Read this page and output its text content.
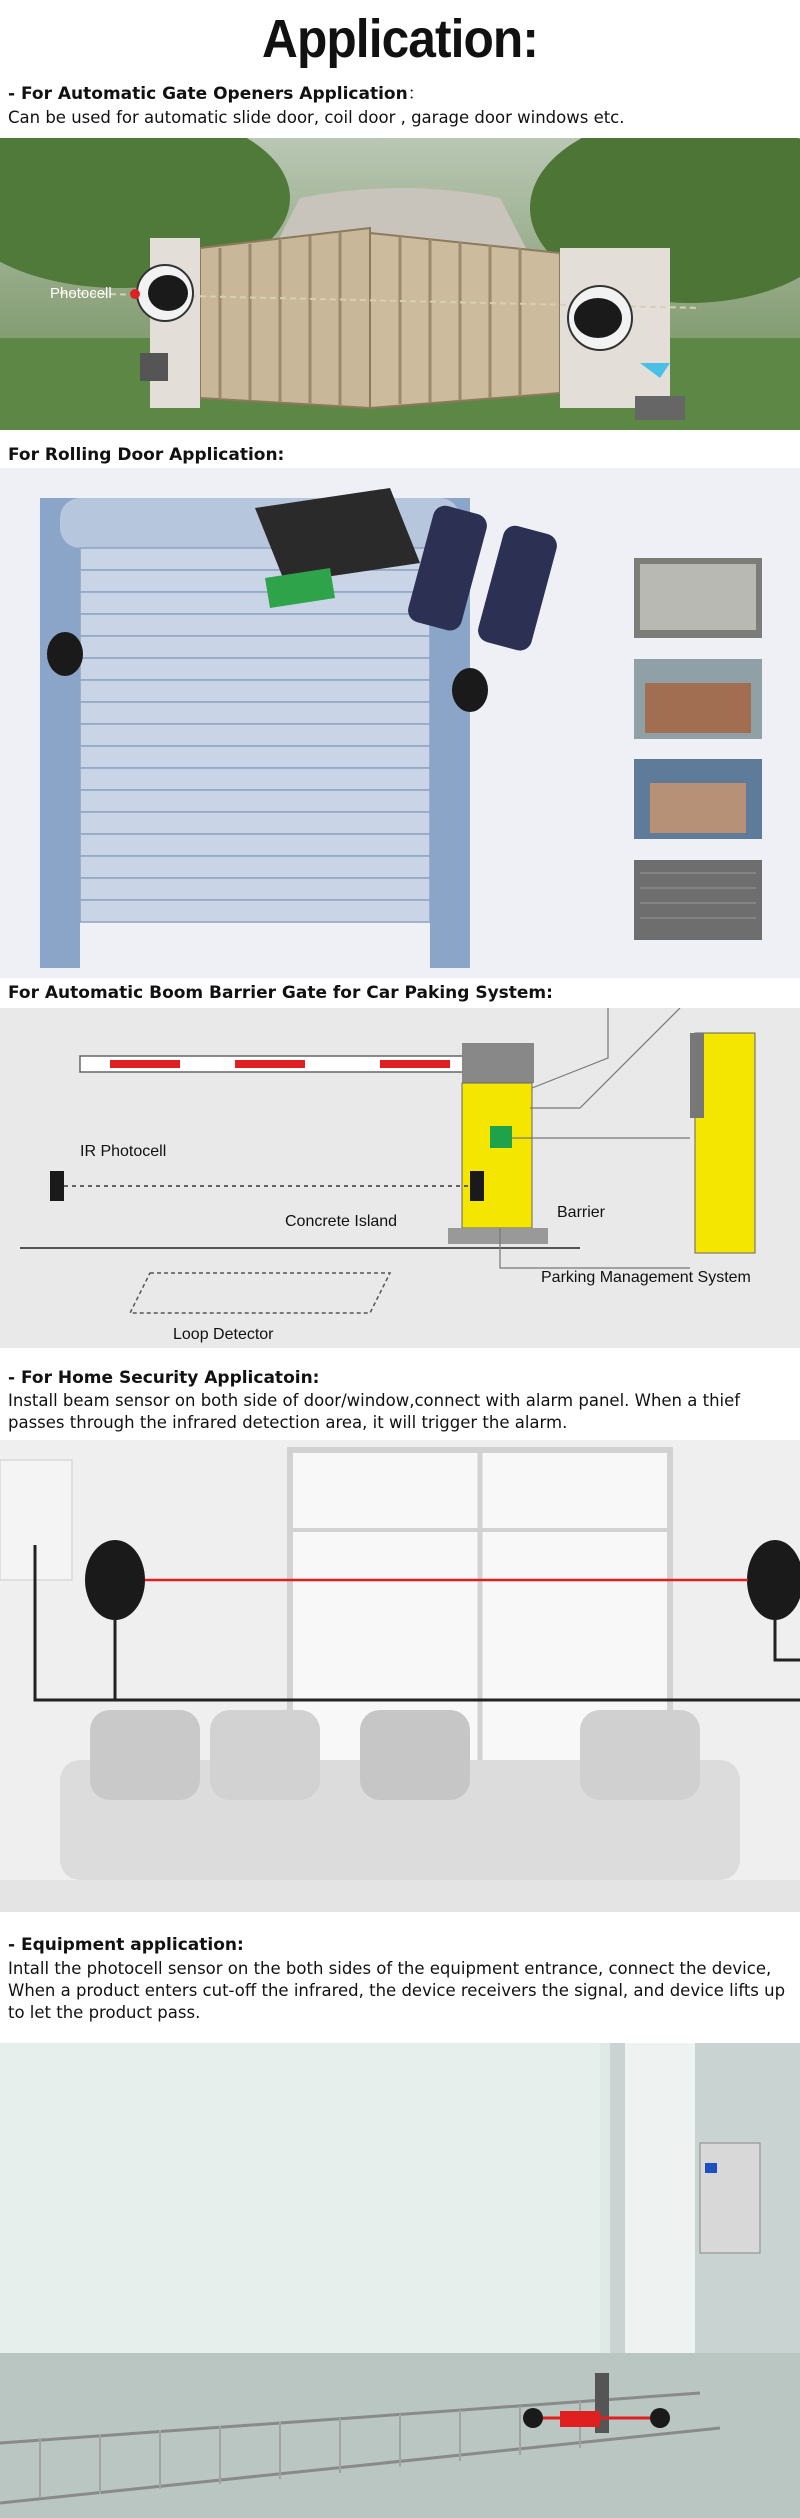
Application:
- For Automatic Gate Openers Application：
Can be used for automatic slide door, coil door , garage door windows etc.
Photocell
For Rolling Door Application:
For Automatic Boom Barrier Gate for Car Paking System:
IR Photocell
Concrete Island
Barrier
Parking Management System
Loop Detector
- For Home Security Applicatoin:
Install beam sensor on both side of door/window,connect with alarm panel. When a thief passes through the infrared detection area, it will trigger the alarm.
- Equipment application:
Intall the photocell sensor on the both sides of the equipment entrance, connect the device, When a product enters cut-off the infrared, the device receivers the signal, and device lifts up to let the product pass.
